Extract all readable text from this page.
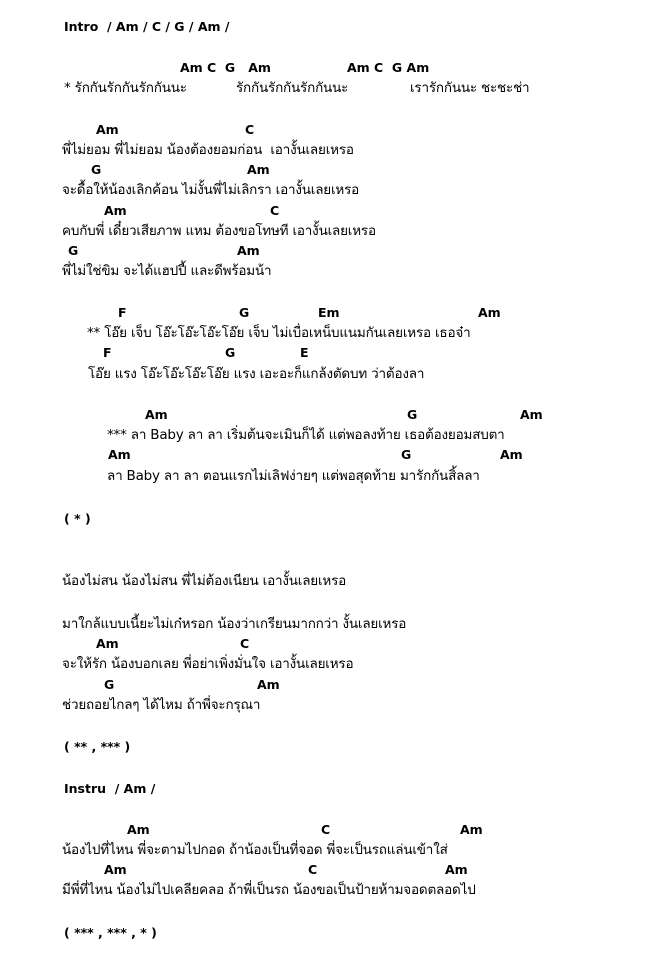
Intro  / Am / C / G / Am /
Am C  G   Am	Am C  G Am
* รักกันรักกันรักกันนะ	รักกันรักกันรักกันนะ	เรารักกันนะ ชะชะช่า
Am	C
พี่ไม่ยอม พี่ไม่ยอม น้องต้องยอมก่อน  เอางั้นเลยเหรอ
G	Am
จะดื้อให้น้องเลิกค้อน ไม่งั้นพี่ไม่เลิกรา เอางั้นเลยเหรอ
Am	C
คบกับพี่ เดี๋ยวเสียภาพ แหม ต้องขอโทษที เอางั้นเลยเหรอ
G	Am
พี่ไม่ใช่ขิม จะได้แฮปปี้ และดีพร้อมน้า
F	G	Em	Am
** โอ๊ย เจ็บ โอ๊ะโอ๊ะโอ๊ะโอ๊ย เจ็บ ไม่เบื่อเหน็บแนมกันเลยเหรอ เธอจ๋า
F	G	E
โอ๊ย แรง โอ๊ะโอ๊ะโอ๊ะโอ๊ย แรง เอะอะก็แกล้งตัดบท ว่าต้องลา
Am	G	Am
*** ลา Baby ลา ลา เริ่มต้นจะเมินก็ได้ แต่พอลงท้าย เธอต้องยอมสบตา
Am	G	Am
ลา Baby ลา ลา ตอนแรกไม่เลิฟง่ายๆ แต่พอสุดท้าย มารักกันสิ้ลลา
( * )
น้องไม่สน น้องไม่สน พี่ไม่ต้องเนียน เอางั้นเลยเหรอ
มาใกล้แบบเนี้ยะไม่เก๋หรอก น้องว่าเกรียนมากกว่า งั้นเลยเหรอ
Am	C
จะให้รัก น้องบอกเลย พี่อย่าเพิ่งมั่นใจ เอางั้นเลยเหรอ
G	Am
ช่วยถอยไกลๆ ได้ไหม ถ้าพี่จะกรุณา
( ** , *** )
Instru  / Am /
Am	C	Am
น้องไปที่ไหน พี่จะตามไปกอด ถ้าน้องเป็นที่จอด พี่จะเป็นรถแล่นเข้าใส่
Am	C	Am
มีพี่ที่ไหน น้องไม่ไปเคลียคลอ ถ้าพี่เป็นรถ น้องขอเป็นป้ายห้ามจอดตลอดไป
( *** , *** , * )
